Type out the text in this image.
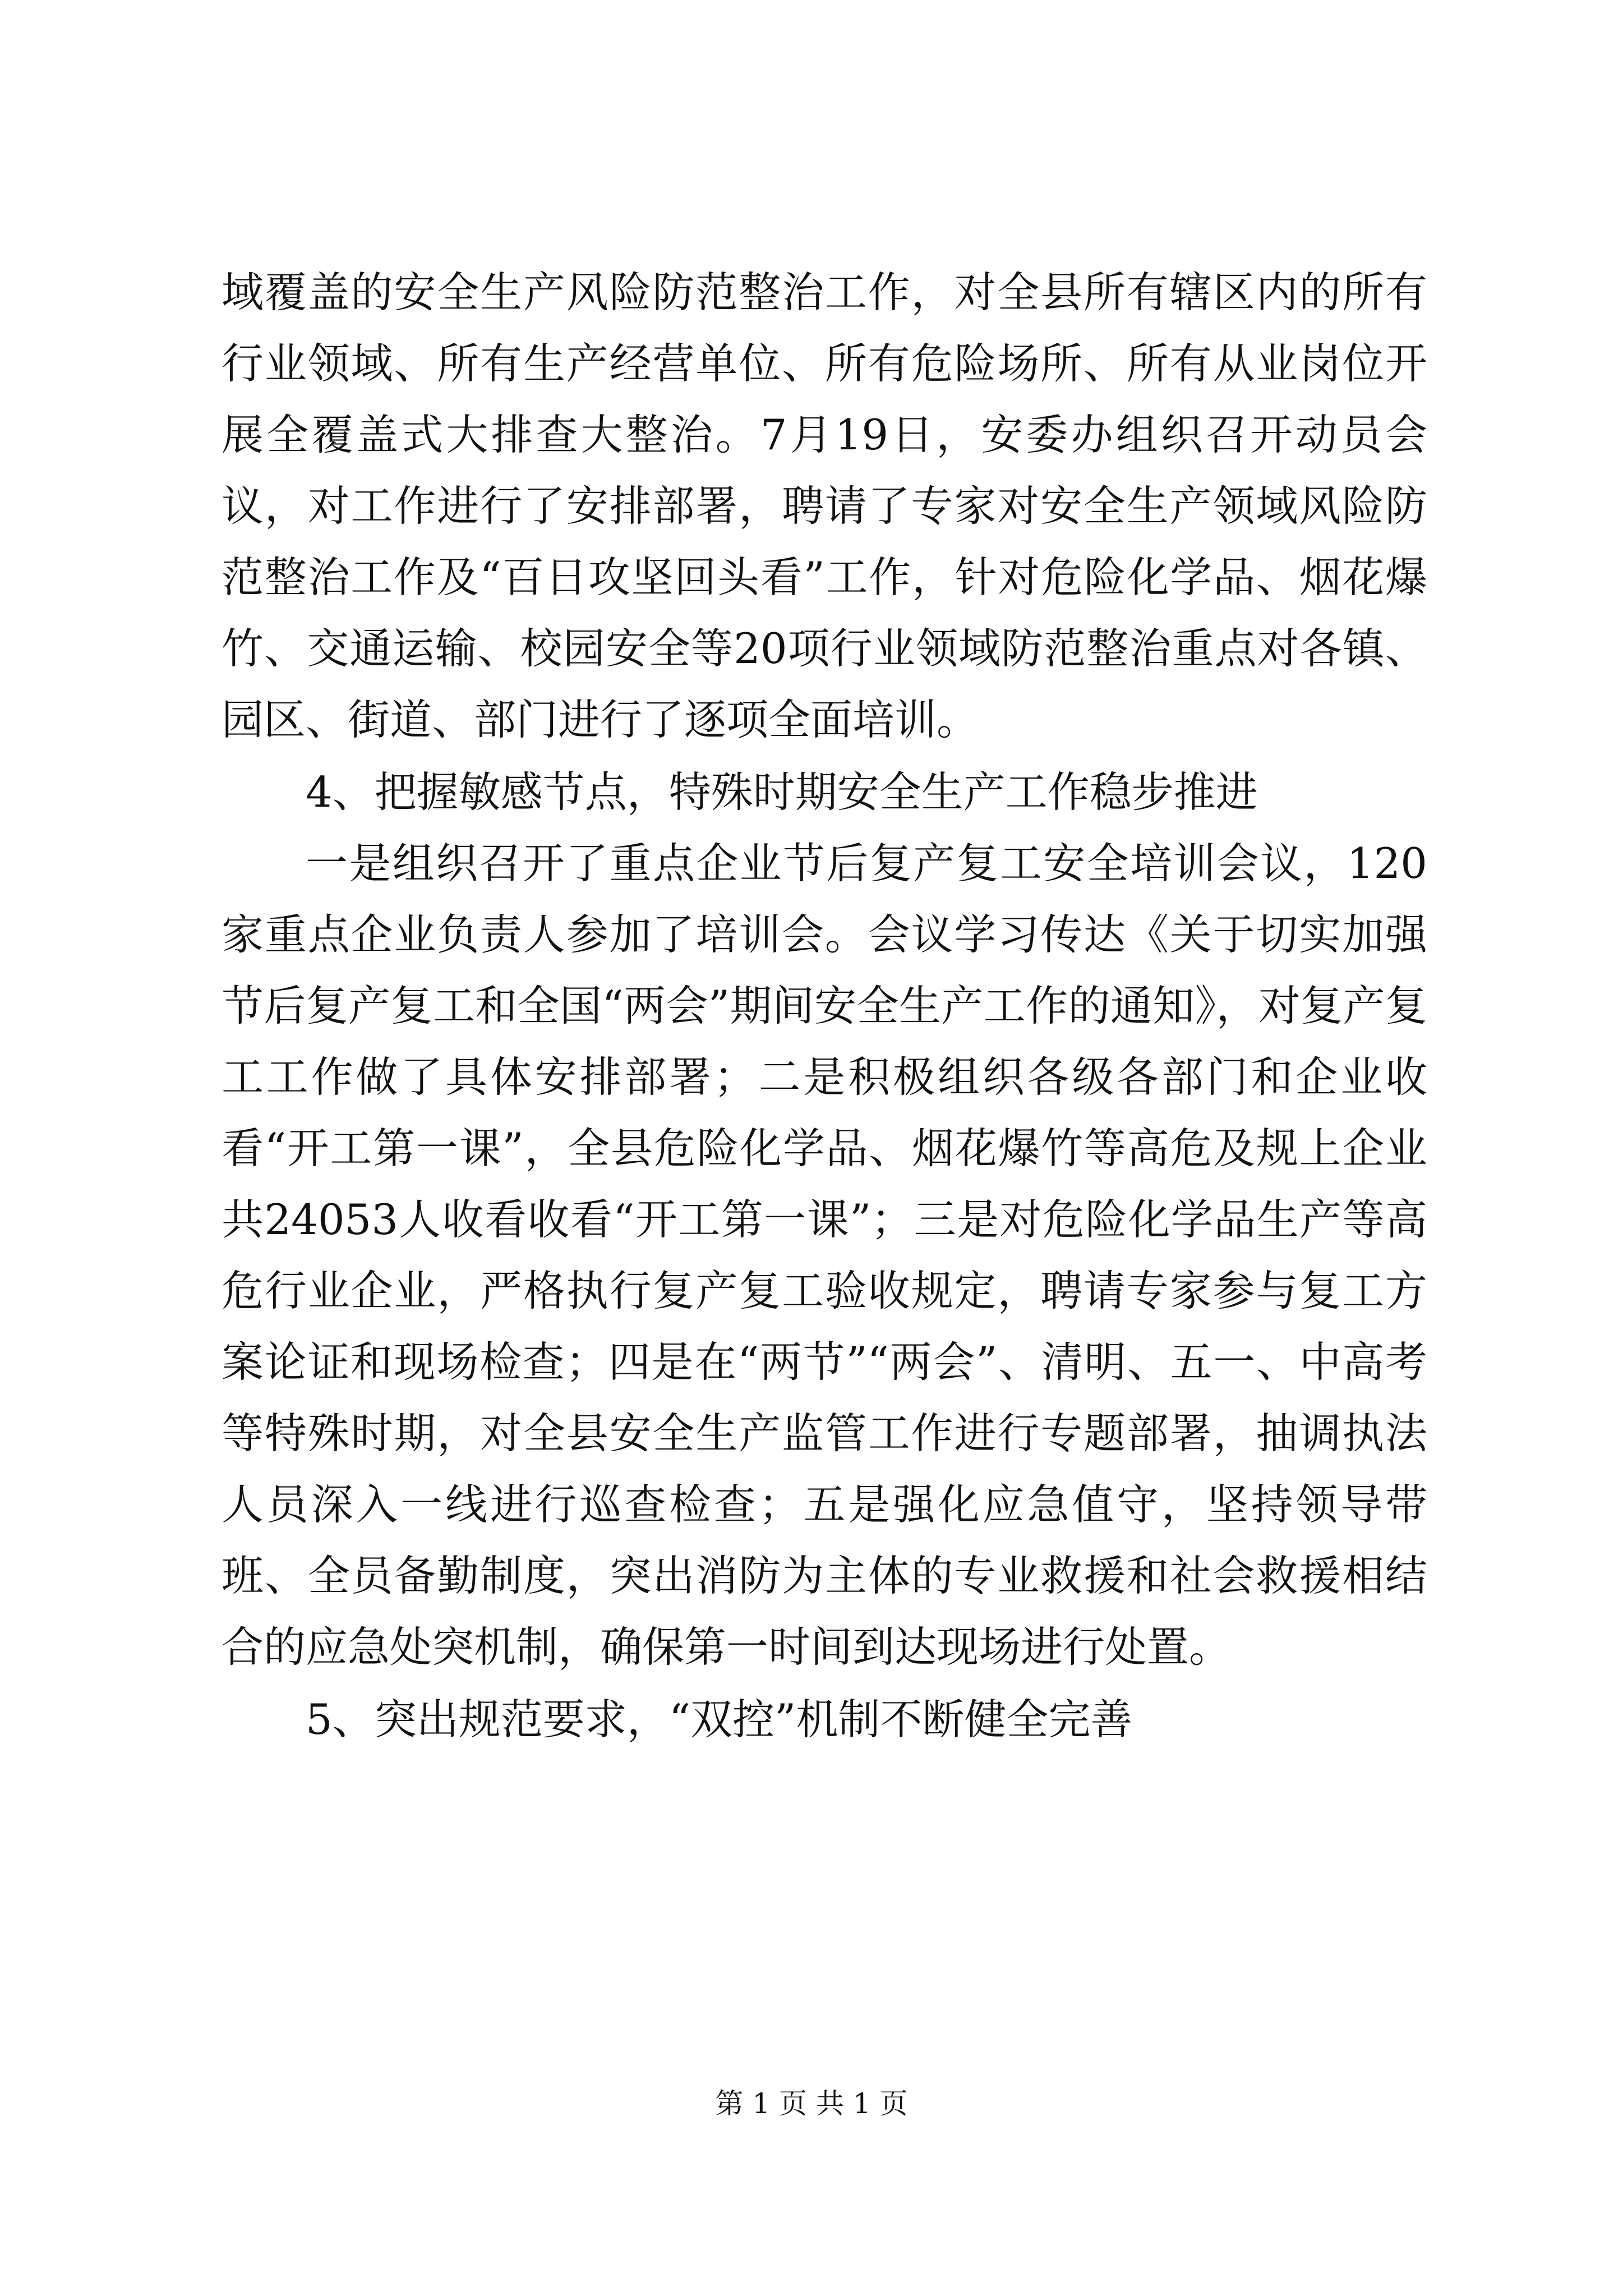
域覆盖的安全生产风险防范整治工作，对全县所有辖区内的所有行业领域、所有生产经营单位、所有危险场所、所有从业岗位开展全覆盖式大排查大整治。7月19日，安委办组织召开动员会议，对工作进行了安排部署，聘请了专家对安全生产领域风险防范整治工作及“百日攻坚回头看”工作，针对危险化学品、烟花爆竹、交通运输、校园安全等20项行业领域防范整治重点对各镇、园区、街道、部门进行了逐项全面培训。

4、把握敏感节点，特殊时期安全生产工作稳步推进

一是组织召开了重点企业节后复产复工安全培训会议，120家重点企业负责人参加了培训会。会议学习传达《关于切实加强节后复产复工和全国“两会”期间安全生产工作的通知》，对复产复工工作做了具体安排部署；二是积极组织各级各部门和企业收看“开工第一课”，全县危险化学品、烟花爆竹等高危及规上企业共24053人收看收看“开工第一课”；三是对危险化学品生产等高危行业企业，严格执行复产复工验收规定，聘请专家参与复工方案论证和现场检查；四是在“两节”“两会”、清明、五一、中高考等特殊时期，对全县安全生产监管工作进行专题部署，抽调执法人员深入一线进行巡查检查；五是强化应急值守，坚持领导带班、全员备勤制度，突出消防为主体的专业救援和社会救援相结合的应急处突机制，确保第一时间到达现场进行处置。

5、突出规范要求，“双控”机制不断健全完善

第 1 页 共 1 页
